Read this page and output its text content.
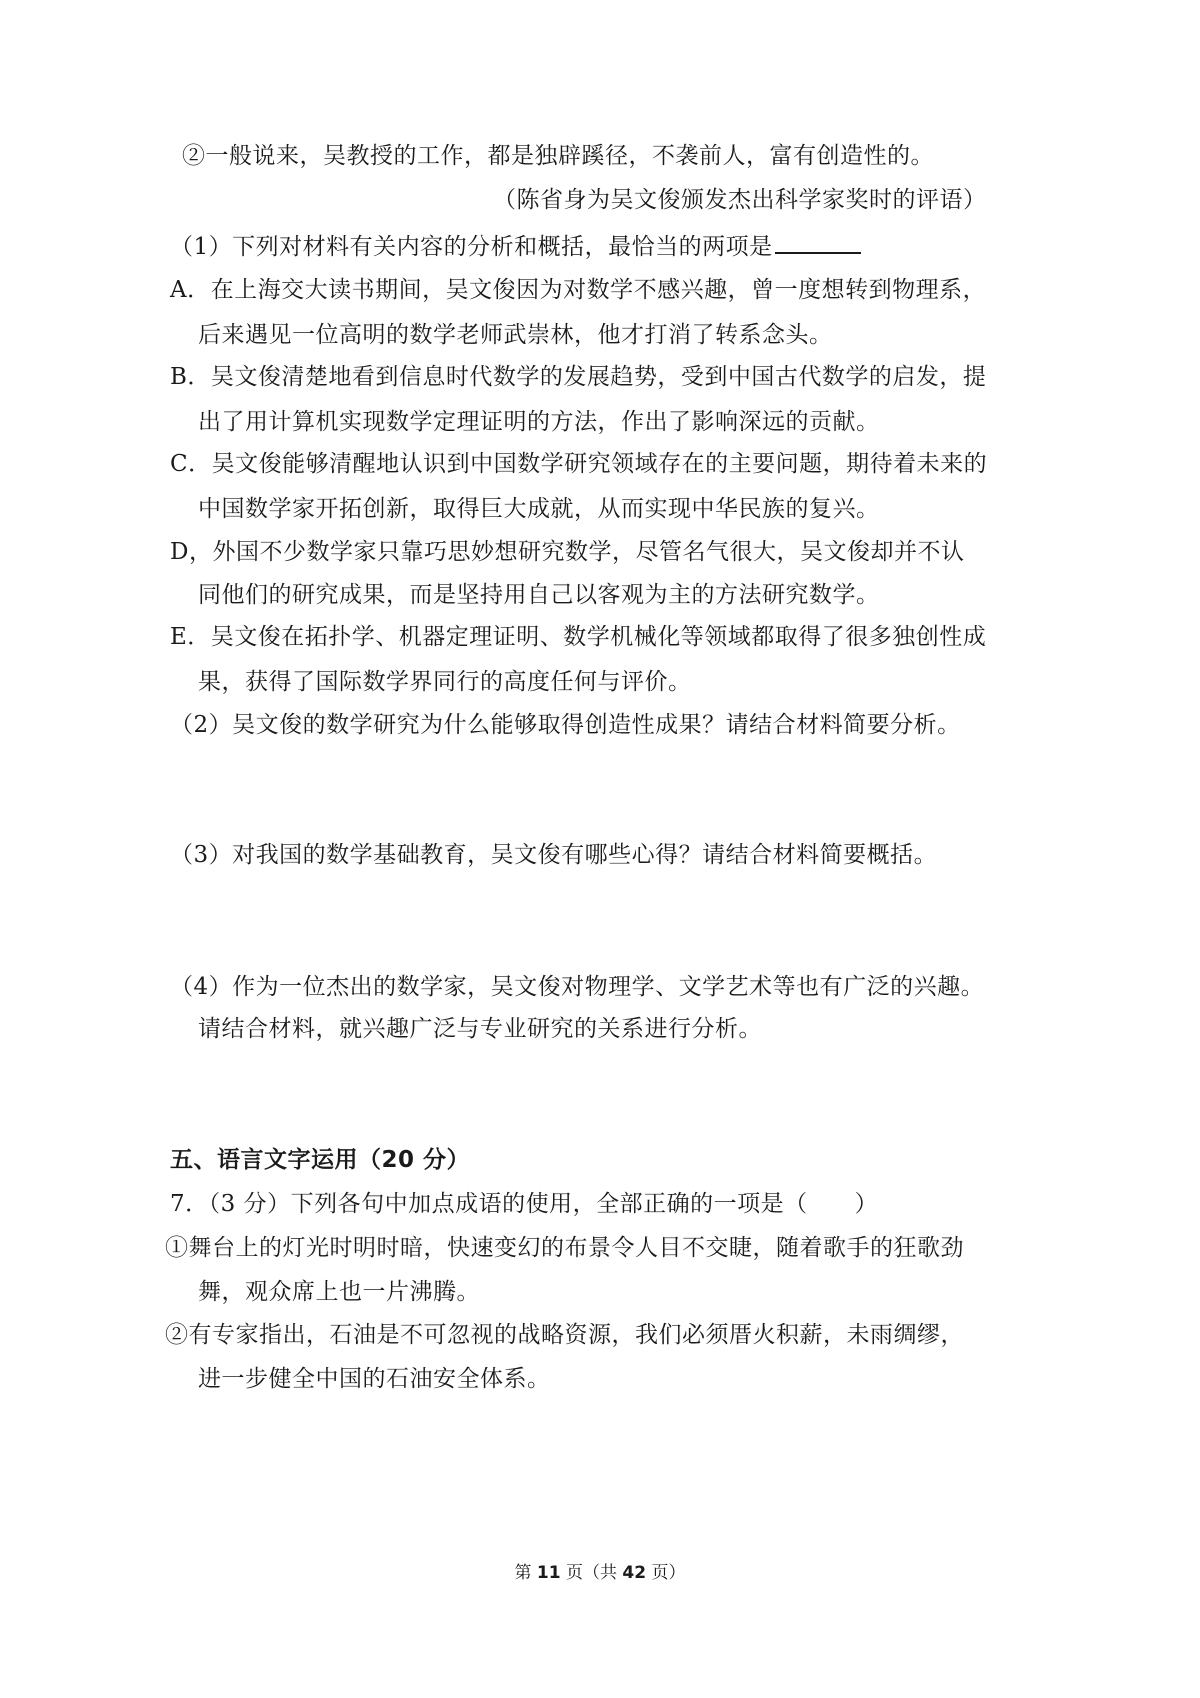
②一般说来，吴教授的工作，都是独辟蹊径，不袭前人，富有创造性的。
（陈省身为吴文俊颁发杰出科学家奖时的评语）
（1）下列对材料有关内容的分析和概括，最恰当的两项是
A．在上海交大读书期间，吴文俊因为对数学不感兴趣，曾一度想转到物理系，
后来遇见一位高明的数学老师武崇林，他才打消了转系念头。
B．吴文俊清楚地看到信息时代数学的发展趋势，受到中国古代数学的启发，提
出了用计算机实现数学定理证明的方法，作出了影响深远的贡献。
C．吴文俊能够清醒地认识到中国数学研究领域存在的主要问题，期待着未来的
中国数学家开拓创新，取得巨大成就，从而实现中华民族的复兴。
D，外国不少数学家只靠巧思妙想研究数学，尽管名气很大，吴文俊却并不认
同他们的研究成果，而是坚持用自己以客观为主的方法研究数学。
E．吴文俊在拓扑学、机器定理证明、数学机械化等领域都取得了很多独创性成
果，获得了国际数学界同行的高度任何与评价。
（2）吴文俊的数学研究为什么能够取得创造性成果？请结合材料简要分析。
（3）对我国的数学基础教育，吴文俊有哪些心得？请结合材料简要概括。
（4）作为一位杰出的数学家，吴文俊对物理学、文学艺术等也有广泛的兴趣。
请结合材料，就兴趣广泛与专业研究的关系进行分析。
五、语言文字运用（20 分）
7．（3 分）下列各句中加点成语的使用，全部正确的一项是（　　）
①舞台上的灯光时明时暗，快速变幻的布景令人目不交睫，随着歌手的狂歌劲
舞，观众席上也一片沸腾。
②有专家指出，石油是不可忽视的战略资源，我们必须厝火积薪，未雨绸缪，
进一步健全中国的石油安全体系。
第 11 页（共 42 页）
